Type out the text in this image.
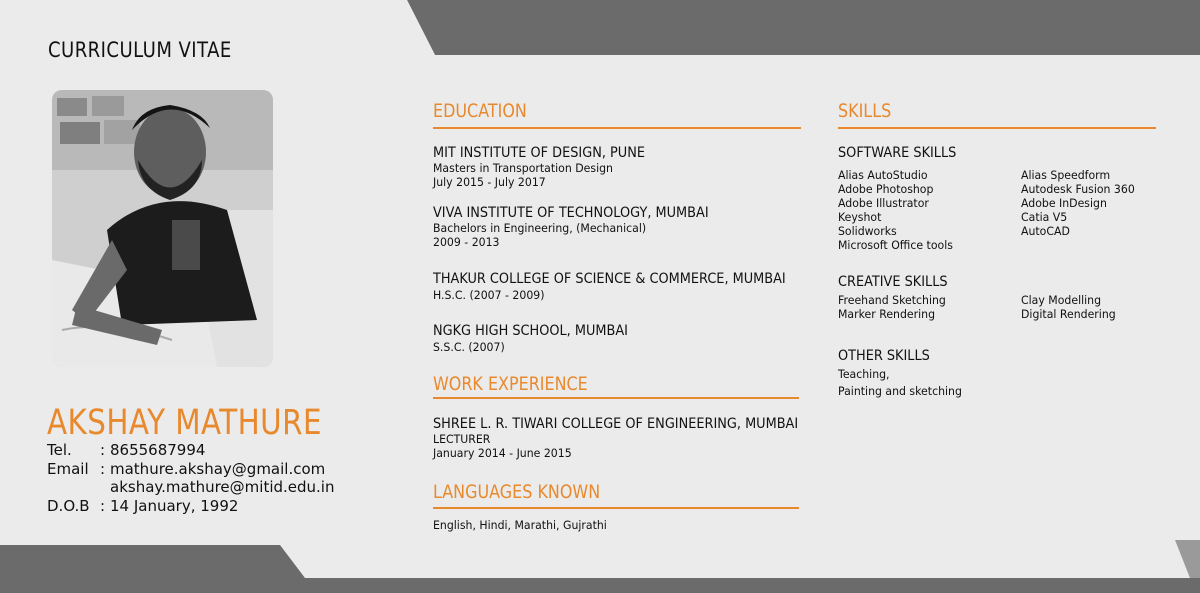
CURRICULUM VITAE
AKSHAY MATHURE
Tel. : 8655687994
Email : mathure.akshay@gmail.com
akshay.mathure@mitid.edu.in
D.O.B : 14 January, 1992
EDUCATION
MIT INSTITUTE OF DESIGN, PUNE
Masters in Transportation Design
July 2015 - July 2017
VIVA INSTITUTE OF TECHNOLOGY, MUMBAI
Bachelors in Engineering, (Mechanical)
2009 - 2013
THAKUR COLLEGE OF SCIENCE & COMMERCE, MUMBAI
H.S.C. (2007 - 2009)
NGKG HIGH SCHOOL, MUMBAI
S.S.C. (2007)
WORK EXPERIENCE
SHREE L. R. TIWARI COLLEGE OF ENGINEERING, MUMBAI
LECTURER
January 2014 - June 2015
LANGUAGES KNOWN
English, Hindi, Marathi, Gujrathi
SKILLS
SOFTWARE SKILLS
Alias AutoStudio
Adobe Photoshop
Adobe Illustrator
Keyshot
Solidworks
Microsoft Office tools
Alias Speedform
Autodesk Fusion 360
Adobe InDesign
Catia V5
AutoCAD
CREATIVE SKILLS
Freehand Sketching
Marker Rendering
Clay Modelling
Digital Rendering
OTHER SKILLS
Teaching,
Painting and sketching
